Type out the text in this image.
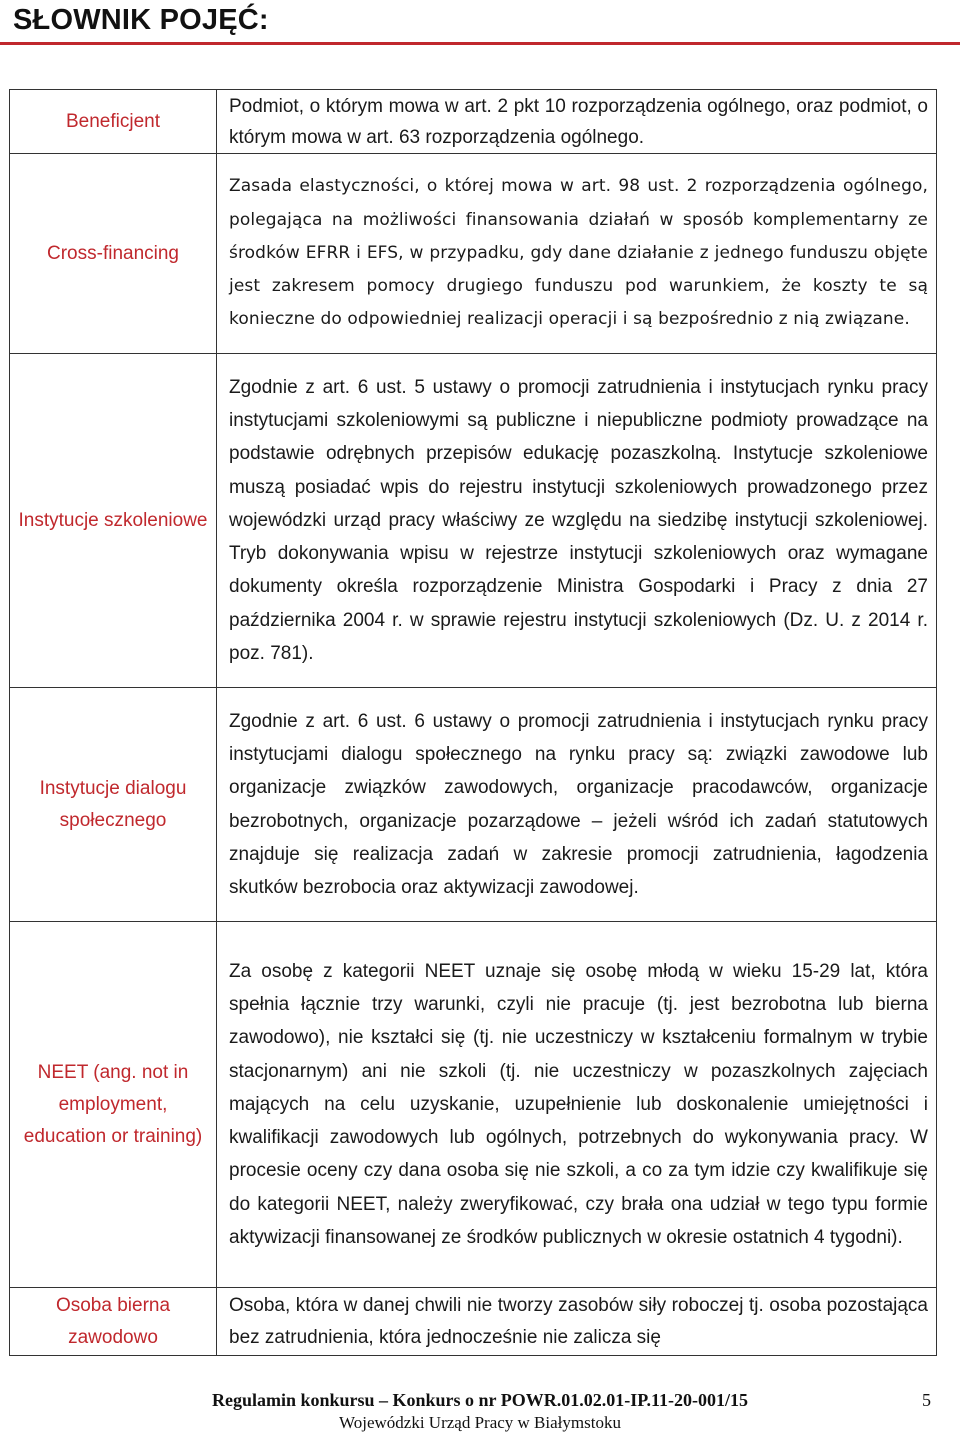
SŁOWNIK POJĘĆ:
Beneficjent	Podmiot, o którym mowa w art. 2 pkt 10 rozporządzenia ogólnego, oraz podmiot, o którym mowa w art. 63 rozporządzenia ogólnego.
Cross-financing	Zasada elastyczności, o której mowa w art. 98 ust. 2 rozporządzenia ogólnego, polegająca na możliwości finansowania działań w sposób komplementarny ze środków EFRR i EFS, w przypadku, gdy dane działanie z jednego funduszu objęte jest zakresem pomocy drugiego funduszu pod warunkiem, że koszty te są konieczne do odpowiedniej realizacji operacji i są bezpośrednio z nią związane.
Instytucje szkoleniowe	Zgodnie z art. 6 ust. 5 ustawy o promocji zatrudnienia i instytucjach rynku pracy instytucjami szkoleniowymi są publiczne i niepubliczne podmioty prowadzące na podstawie odrębnych przepisów edukację pozaszkolną. Instytucje szkoleniowe muszą posiadać wpis do rejestru instytucji szkoleniowych prowadzonego przez wojewódzki urząd pracy właściwy ze względu na siedzibę instytucji szkoleniowej. Tryb dokonywania wpisu w rejestrze instytucji szkoleniowych oraz wymagane dokumenty określa rozporządzenie Ministra Gospodarki i Pracy z dnia 27 października 2004 r. w sprawie rejestru instytucji szkoleniowych (Dz. U. z 2014 r. poz. 781).
Instytucje dialogu społecznego	Zgodnie z art. 6 ust. 6 ustawy o promocji zatrudnienia i instytucjach rynku pracy instytucjami dialogu społecznego na rynku pracy są: związki zawodowe lub organizacje związków zawodowych, organizacje pracodawców, organizacje bezrobotnych, organizacje pozarządowe – jeżeli wśród ich zadań statutowych znajduje się realizacja zadań w zakresie promocji zatrudnienia, łagodzenia skutków bezrobocia oraz aktywizacji zawodowej.
NEET (ang. not in employment, education or training)	Za osobę z kategorii NEET uznaje się osobę młodą w wieku 15-29 lat, która spełnia łącznie trzy warunki, czyli nie pracuje (tj. jest bezrobotna lub bierna zawodowo), nie kształci się (tj. nie uczestniczy w kształceniu formalnym w trybie stacjonarnym) ani nie szkoli (tj. nie uczestniczy w pozaszkolnych zajęciach mających na celu uzyskanie, uzupełnienie lub doskonalenie umiejętności i kwalifikacji zawodowych lub ogólnych, potrzebnych do wykonywania pracy. W procesie oceny czy dana osoba się nie szkoli, a co za tym idzie czy kwalifikuje się do kategorii NEET, należy zweryfikować, czy brała ona udział w tego typu formie aktywizacji finansowanej ze środków publicznych w okresie ostatnich 4 tygodni).
Osoba bierna zawodowo	Osoba, która w danej chwili nie tworzy zasobów siły roboczej tj. osoba pozostająca bez zatrudnienia, która jednocześnie nie zalicza się
Regulamin konkursu – Konkurs o nr POWR.01.02.01-IP.11-20-001/15
Wojewódzki Urząd Pracy w Białymstoku
5
